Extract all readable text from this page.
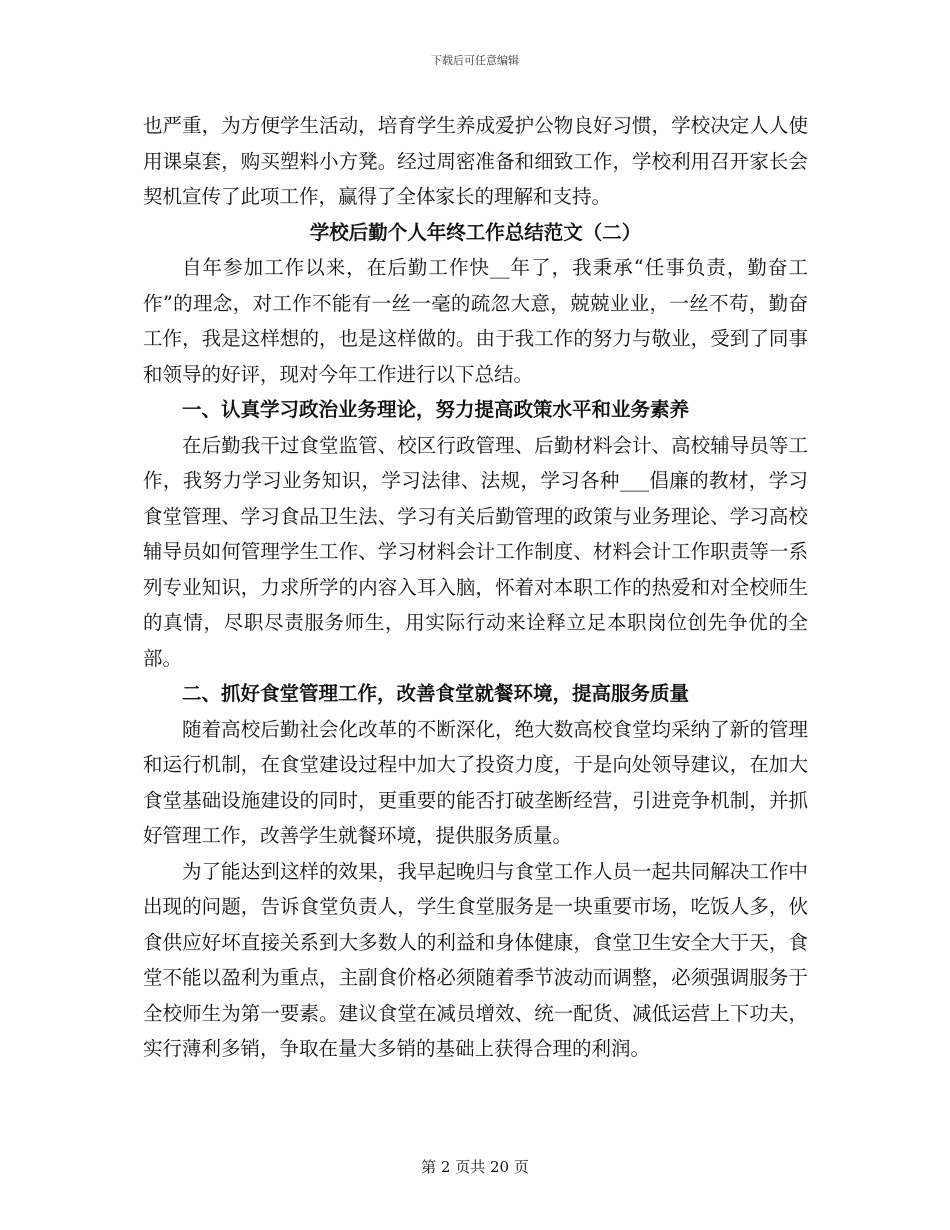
下载后可任意编辑

也严重，为方便学生活动，培育学生养成爱护公物良好习惯，学校决定人人使用课桌套，购买塑料小方凳。经过周密准备和细致工作，学校利用召开家长会契机宣传了此项工作，赢得了全体家长的理解和支持。

学校后勤个人年终工作总结范文（二）

自年参加工作以来，在后勤工作快__年了，我秉承“任事负责，勤奋工作”的理念，对工作不能有一丝一毫的疏忽大意，兢兢业业，一丝不苟，勤奋工作，我是这样想的，也是这样做的。由于我工作的努力与敬业，受到了同事和领导的好评，现对今年工作进行以下总结。

一、认真学习政治业务理论，努力提高政策水平和业务素养

在后勤我干过食堂监管、校区行政管理、后勤材料会计、高校辅导员等工作，我努力学习业务知识，学习法律、法规，学习各种___倡廉的教材，学习食堂管理、学习食品卫生法、学习有关后勤管理的政策与业务理论、学习高校辅导员如何管理学生工作、学习材料会计工作制度、材料会计工作职责等一系列专业知识，力求所学的内容入耳入脑，怀着对本职工作的热爱和对全校师生的真情，尽职尽责服务师生，用实际行动来诠释立足本职岗位创先争优的全部。

二、抓好食堂管理工作，改善食堂就餐环境，提高服务质量

随着高校后勤社会化改革的不断深化，绝大数高校食堂均采纳了新的管理和运行机制，在食堂建设过程中加大了投资力度，于是向处领导建议，在加大食堂基础设施建设的同时，更重要的能否打破垄断经营，引进竞争机制，并抓好管理工作，改善学生就餐环境，提供服务质量。

为了能达到这样的效果，我早起晚归与食堂工作人员一起共同解决工作中出现的问题，告诉食堂负责人，学生食堂服务是一块重要市场，吃饭人多，伙食供应好坏直接关系到大多数人的利益和身体健康，食堂卫生安全大于天，食堂不能以盈利为重点，主副食价格必须随着季节波动而调整，必须强调服务于全校师生为第一要素。建议食堂在减员增效、统一配货、减低运营上下功夫，实行薄利多销，争取在量大多销的基础上获得合理的利润。

第 2 页共 20 页
